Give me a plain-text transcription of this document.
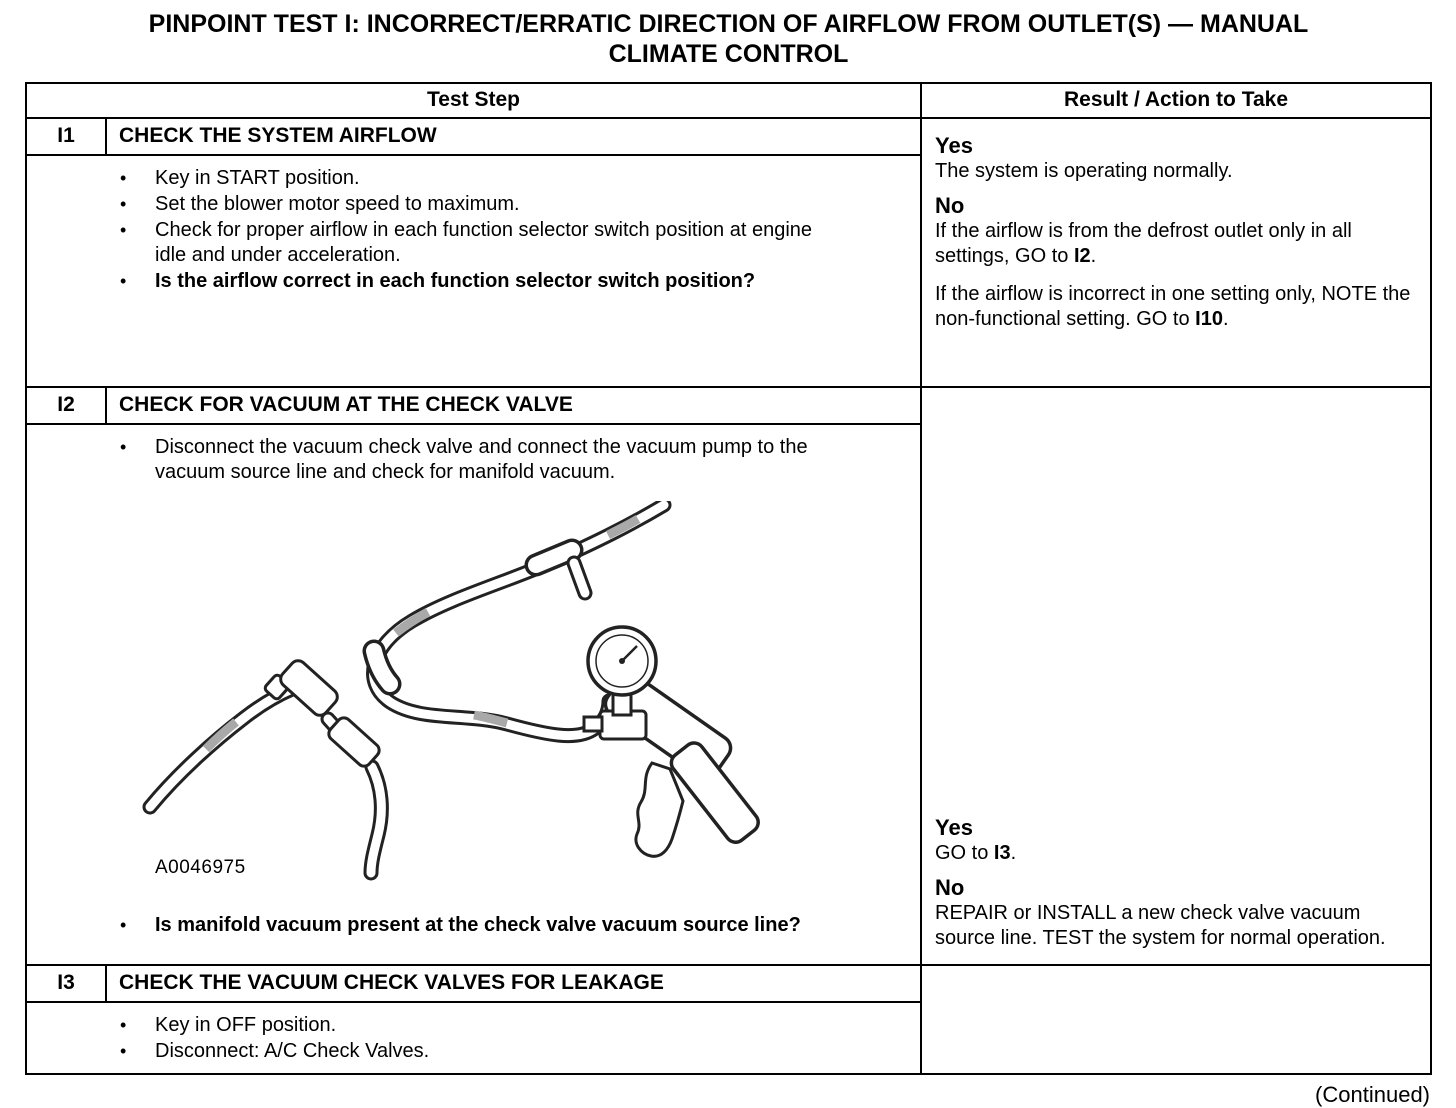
PINPOINT TEST I: INCORRECT/ERRATIC DIRECTION OF AIRFLOW FROM OUTLET(S) — MANUAL
CLIMATE CONTROL
Test Step	Result / Action to Take
I1	CHECK THE SYSTEM AIRFLOW
•	Key in START position.
•	Set the blower motor speed to maximum.
•	Check for proper airflow in each function selector switch position at engine idle and under acceleration.
•	Is the airflow correct in each function selector switch position?
Yes
The system is operating normally.
No
If the airflow is from the defrost outlet only in all settings, GO to I2.
If the airflow is incorrect in one setting only, NOTE the non-functional setting. GO to I10.
I2	CHECK FOR VACUUM AT THE CHECK VALVE
•	Disconnect the vacuum check valve and connect the vacuum pump to the vacuum source line and check for manifold vacuum.
A0046975
•	Is manifold vacuum present at the check valve vacuum source line?
Yes
GO to I3.
No
REPAIR or INSTALL a new check valve vacuum source line. TEST the system for normal operation.
I3	CHECK THE VACUUM CHECK VALVES FOR LEAKAGE
•	Key in OFF position.
•	Disconnect: A/C Check Valves.
(Continued)
